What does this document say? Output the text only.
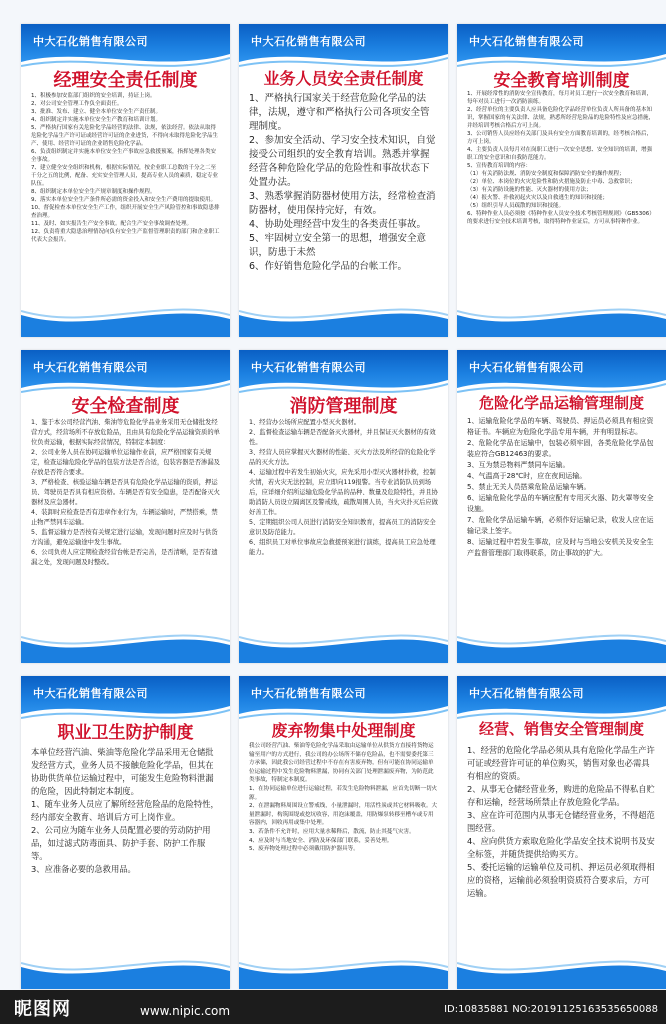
中大石化销售有限公司
经理安全责任制度

1、积极参加安监部门组织的安全培训，持证上岗。

2、对公司安全管理工作负全面责任。

3、批准、发布、建立、健全本单位安全生产责任制。

4、组织制定并实施本单位安全生产教育和培训计划。

5、严格执行国家有关危险化学品经营的法律、法规，依法经营。依法从取得危险化学品生产许可证或经营许可证的企业进货，不得向未取得危险化学品生产、使用、经营许可证的企业销售危险化学品。

6、负责组织制定并实施本单位安全生产事故应急救援预案，指挥处理各类安全事故。

7、建立健全安全组织和机构，根据实际情况，按企业职工总数的千分之二至千分之五的比例，配备、充实安全管理人员，提高专业人员的素质，稳定专业队伍。

8、组织制定本单位安全生产规章制度和操作规程。

9、落实本单位安全生产条件所必需的资金投入和安全生产费用的提取使用。

10、督促检查本单位安全生产工作，组织开展安全生产风险管控和事故隐患排查治理。

11、及时、如实报告生产安全事故。配合生产安全事故调查处理。

12、负责将重大隐患治理情况向负有安全生产监督管理职责的部门和企业职工代表大会报告。

中大石化销售有限公司
业务人员安全责任制度

1、严格执行国家关于经营危险化学品的法律，法规，遵守和严格执行公司各项安全管理制度。

2、参加安全活动、学习安全技术知识，自觉接受公司组织的安全教育培训。熟悉并掌握经营各种危险化学品的危险性和事故状态下处置办法。

3、熟悉掌握消防器材使用方法，经常检查消防器材，使用保持完好，有效。

4、协助处理经营中发生的各类责任事故。

5、牢固树立安全第一的思想，增强安全意识，防患于未然

6、作好销售危险化学品的台帐工作。

中大石化销售有限公司
安全教育培训制度

1、开展经常性的消防安全宣传教育，每月对员工进行一次安全教育和培训，每年对员工进行一次消防演练。

2、经营单位的主要负责人应具备危险化学品经营单位负责人所具备的基本知识，掌握国家的有关法律、法规，熟悉所经营危险品的危险特性及应急措施，并经培训考核合格后方可上岗。

3、公司销售人员应经有关部门及具有安全方面教育培训的，经考核合格后，方可上岗。

4、主要负责人员每月对在岗职工进行一次安全思想、安全知识的培训，增强职工的安全意识和自我防范能力。

5、宣传教育培训的内容：

（1）有关消防法规、消防安全制度和保障消防安全的操作规程；

（2）单位、本岗位的火灾危险性和防火措施及防止中毒、急救常识；

（3）有关消防设施的性能、灭火器材的使用方法；

（4）报火警、扑救初起火灾以及自救逃生的知识和技能；

（5）组织引导人员疏散的知识和技能。

6、特种作业人员必须按《特种作业人员安全技术考核管理规则》（GB5306）的要求进行安全技术培训考核，取得特种作业证后，方可从事特种作业。

中大石化销售有限公司
安全检查制度

1、鉴于本公司经营汽油、柴油等危险化学品业务采用无仓储批发经营方式，经营场所不存放危险品，且由具有危险化学品运输资质的单位负责运输，根据实际经营情况，特制定本制度：

2、公司业务人员在协同运输单位运输作业前，应严格国家有关规定，检查运输危险化学品的包装方法是否合适，包装容器是否渗漏及存放是否符合要求。

3、严格检查、核验运输车辆是否具有危险化学品运输的资质，押运员、驾驶员是否具有相应资格。车辆是否有安全隐患，是否配备灭火器材及应急器材。

4、装卸时应检查是否有违章作业行为，车辆运输时，严禁搭乘，禁止物严禁同车运输。

5、监督运输方是否按有关规定进行运输，发现问题时应及时与供货方沟通，避免运输途中发生事故。

6、公司负责人应定期检查经营台帐是否完善，是否清晰，是否有遗漏之处，发现问题及时整改。

中大石化销售有限公司
消防管理制度

1、经营办公场所应配置小型灭火器材。

2、监督检查运输车辆是否配备灭火器材，并且保证灭火器材的有效性。

3、经营人员应掌握灭火器材的性能、灭火方法及所经营的危险化学品的灭火方法。

4、运输过程中若发生初始火灾，应先采用小型灭火器材扑救，控制火情，若火灾无法控制，应立即向119报警。当专业消防队员到场后，应详细介绍所运输危险化学品的品种、数量及危险特性，并且协助消防人员设立隔离区及警戒线，疏散周围人员，当火灾扑灭后应做好善工作。

5、定期组织公司人员进行消防安全知识教育，提高员工的消防安全意识及防范能力。

6、组织员工对单位事故应急救援预案进行演练，提高员工应急处理能力。

中大石化销售有限公司
危险化学品运输管理制度

1、运输危险化学品的车辆、驾驶员、押运员必须具有相应资格证书。车辆应为危险化学品专用车辆，并有明显标志。

2、危险化学品在运输中，包装必须牢固，各类危险化学品包装应符合GB12463的要求。

3、互为禁忌物料严禁同车运输。

4、气温高于28℃时，应在夜间运输。

5、禁止无关人员搭乘危险品运输车辆。

6、运输危险化学品的车辆应配有专用灭火器、防火罩等安全设施。

7、危险化学品运输车辆，必须作好运输记录，收发人应在运输记录上签字。

8、运输过程中若发生事故，应及时与当地公安机关及安全生产监督管理部门取得联系，防止事故的扩大。

中大石化销售有限公司
职业卫生防护制度

本单位经营汽油、柴油等危险化学品采用无仓储批发经营方式，业务人员不接触危险化学品，但其在协助供货单位运输过程中，可能发生危险物料泄漏的危险，因此特制定本制度。

1、随车业务人员应了解所经营危险品的危险特性，经内部安全教育、培训后方可上岗作业。

2、公司应为随车业务人员配置必要的劳动防护用品，如过滤式防毒面具、防护手套、防护工作服等。

3、应准备必要的急救用品。

中大石化销售有限公司
废弃物集中处理制度

我公司经营汽油、柴油等危险化学品采取由运输单位从供货方直接将货物运输至用户的方式进行，我公司的办公场所不储存危险品，也不需要委托第三方承储，因此我公司经营过程中不存在有害废弃物，但有可能在协同运输单位运输过程中发生危险物料泄漏，协同有关部门处理泄漏废弃物，为防范此类事故，特制定本制度。

1、在协同运输单位进行运输过程，若发生危险物料泄漏，应首先切断一切火源。

2、在泄漏物料周围设立警戒线，小量泄漏时，用活性炭或其它材料吸收。大量泄漏时，构筑围堤或挖坑收容，用泡沫覆盖，用防爆泵转移至槽车或专用容器内，回收再用或集中处理。

3、若条件不允许时，应用大量水稀释后，散流，防止其蔓气灾害。

4、应及时与当地安全、消防及环保部门联系，妥善处理。

5、废弃物处理过程中必须戴用防护器具等。

中大石化销售有限公司
经营、销售安全管理制度

1、经营的危险化学品必须从具有危险化学品生产许可证或经营许可证的单位购买，销售对象也必需具有相应的资质。

2、从事无仓储经营业务，购进的危险品不得私自贮存和运输，经营场所禁止存放危险化学品。

3、应在许可范围内从事无仓储经营业务，不得超范围经营。

4、应向供货方索取危险化学品安全技术说明书及安全标签，并随货提供给购买方。

5、委托运输的运输单位及司机、押运员必须取得相应的资格，运输前必须验明资质符合要求后，方可运输。

昵图网	www.nipic.com	ID:10835881 NO:20191125163535650088
